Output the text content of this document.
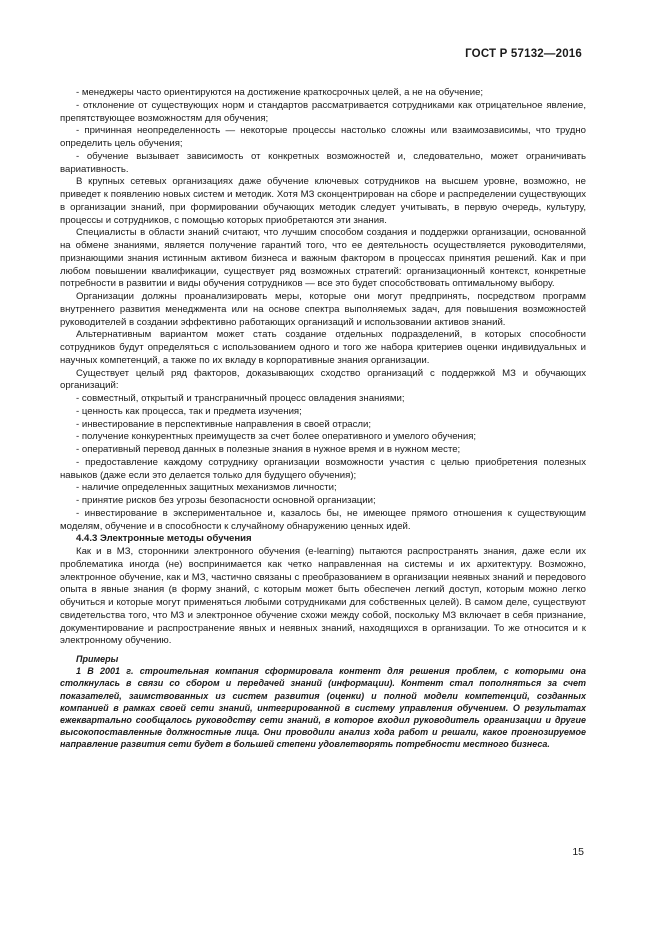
ГОСТ Р 57132—2016

- менеджеры часто ориентируются на достижение краткосрочных целей, а не на обучение;

- отклонение от существующих норм и стандартов рассматривается сотрудниками как отрицательное явление, препятствующее возможностям для обучения;

- причинная неопределенность — некоторые процессы настолько сложны или взаимозависимы, что трудно определить цель обучения;

- обучение вызывает зависимость от конкретных возможностей и, следовательно, может ограничивать вариативность.

В крупных сетевых организациях даже обучение ключевых сотрудников на высшем уровне, возможно, не приведет к появлению новых систем и методик. Хотя МЗ сконцентрирован на сборе и распределении существующих в организации знаний, при формировании обучающих методик следует учитывать, в первую очередь, культуру, процессы и сотрудников, с помощью которых приобретаются эти знания.

Специалисты в области знаний считают, что лучшим способом создания и поддержки организации, основанной на обмене знаниями, является получение гарантий того, что ее деятельность осуществляется руководителями, признающими знания истинным активом бизнеса и важным фактором в процессах принятия решений. Как и при любом повышении квалификации, существует ряд возможных стратегий: организационный контекст, конкретные потребности в развитии и виды обучения сотрудников — все это будет способствовать оптимальному выбору.

Организации должны проанализировать меры, которые они могут предпринять, посредством программ внутреннего развития менеджмента или на основе спектра выполняемых задач, для повышения возможностей руководителей в создании эффективно работающих организаций и использовании активов знаний.

Альтернативным вариантом может стать создание отдельных подразделений, в которых способности сотрудников будут определяться с использованием одного и того же набора критериев оценки индивидуальных и научных компетенций, а также по их вкладу в корпоративные знания организации.

Существует целый ряд факторов, доказывающих сходство организаций с поддержкой МЗ и обучающих организаций:

- совместный, открытый и трансграничный процесс овладения знаниями;

- ценность как процесса, так и предмета изучения;

- инвестирование в перспективные направления в своей отрасли;

- получение конкурентных преимуществ за счет более оперативного и умелого обучения;

- оперативный перевод данных в полезные знания в нужное время и в нужном месте;

- предоставление каждому сотруднику организации возможности участия с целью приобретения полезных навыков (даже если это делается только для будущего обучения);

- наличие определенных защитных механизмов личности;

- принятие рисков без угрозы безопасности основной организации;

- инвестирование в экспериментальное и, казалось бы, не имеющее прямого отношения к существующим моделям, обучение и в способности к случайному обнаружению ценных идей.

4.4.3 Электронные методы обучения

Как и в МЗ, сторонники электронного обучения (e-learning) пытаются распространять знания, даже если их проблематика иногда (не) воспринимается как четко направленная на системы и их архитектуру. Возможно, электронное обучение, как и МЗ, частично связаны с преобразованием в организации неявных знаний и передового опыта в явные знания (в форму знаний, с которым может быть обеспечен легкий доступ, которым можно легко обучиться и которые могут применяться любыми сотрудниками для собственных целей). В самом деле, существуют свидетельства того, что МЗ и электронное обучение схожи между собой, поскольку МЗ включает в себя признание, документирование и распространение явных и неявных знаний, находящихся в организации. То же относится и к электронному обучению.

Примеры

1 В 2001 г. строительная компания сформировала контент для решения проблем, с которыми она столкнулась в связи со сбором и передачей знаний (информации). Контент стал пополняться за счет показателей, заимствованных из систем развития (оценки) и полной модели компетенций, созданных компанией в рамках своей сети знаний, интегрированной в систему управления обучением. О результатах ежеквартально сообщалось руководству сети знаний, в которое входил руководитель организации и другие высокопоставленные должностные лица. Они проводили анализ хода работ и решали, какое прогнозируемое направление развития сети будет в большей степени удовлетворять потребности местного бизнеса.

15
